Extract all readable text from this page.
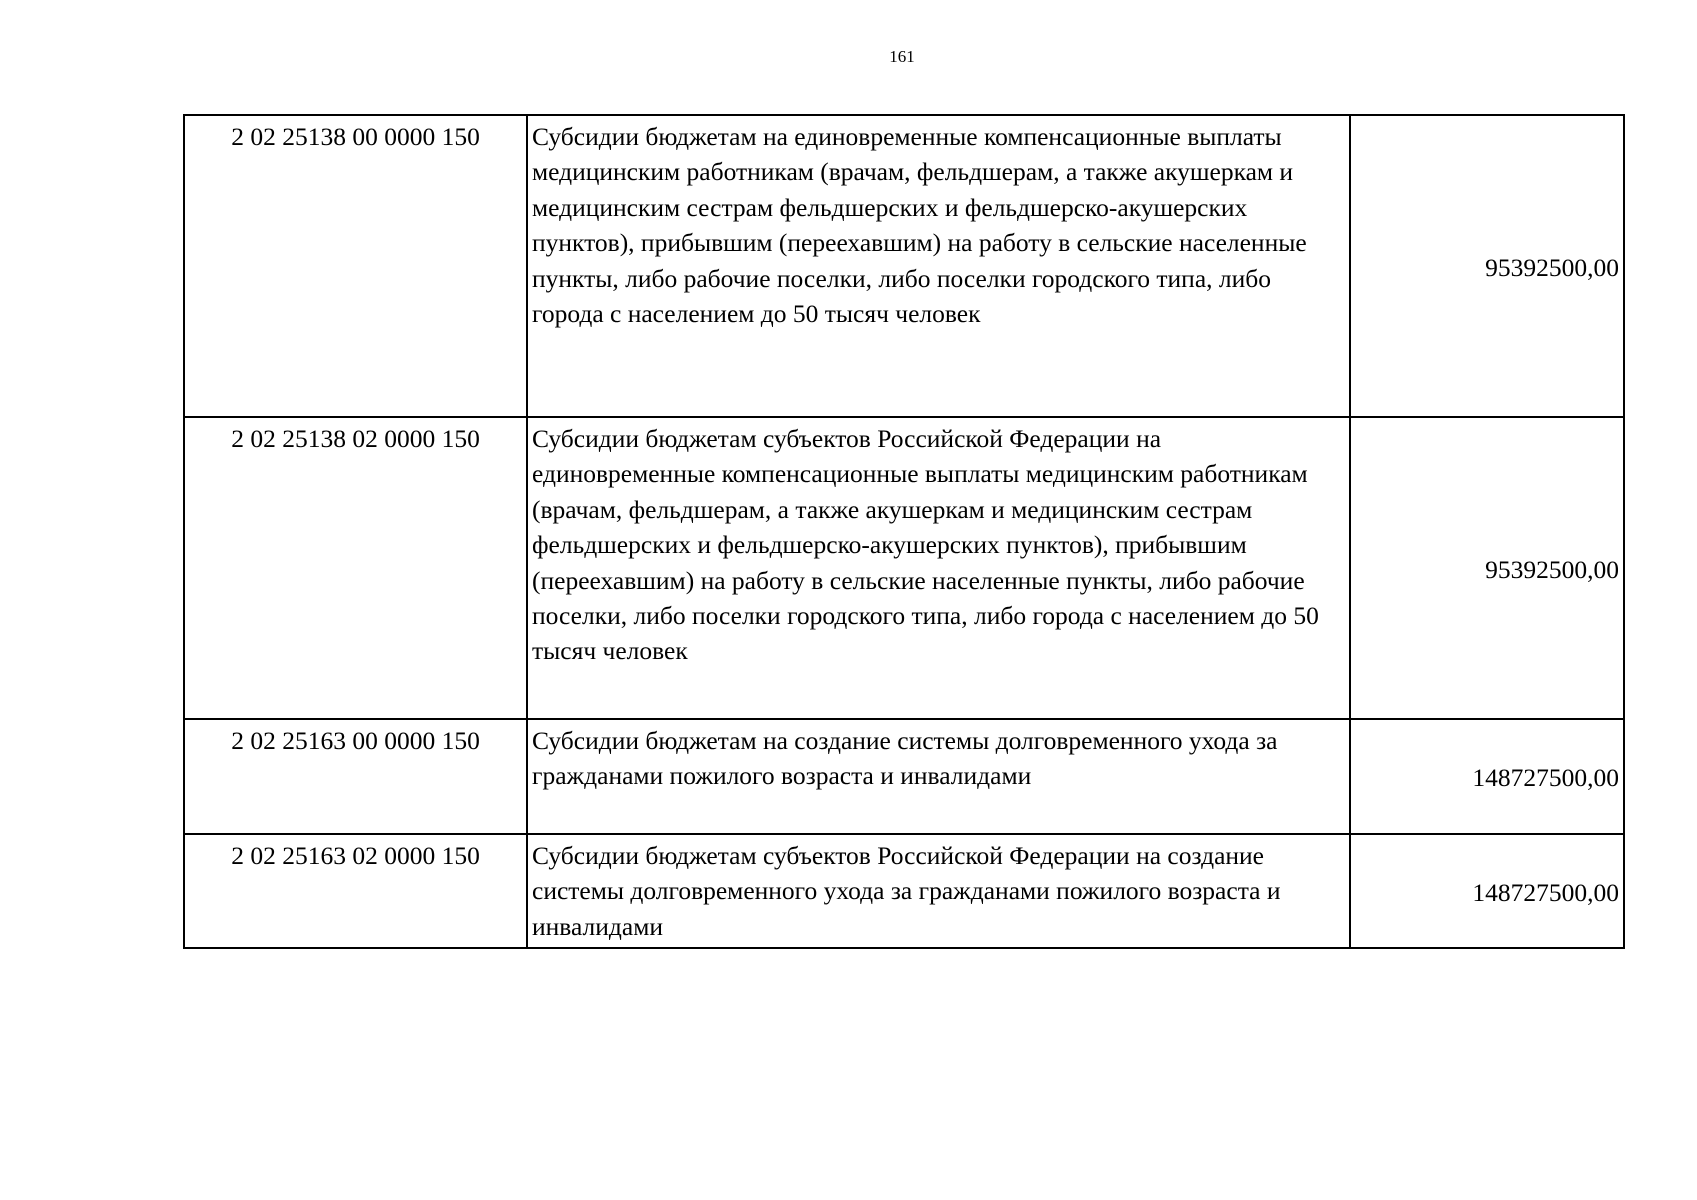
161
2 02 25138 00 0000 150	Субсидии бюджетам на единовременные компенсационные выплаты медицинским работникам (врачам, фельдшерам, а также акушеркам и медицинским сестрам фельдшерских и фельдшерско-акушерских пунктов), прибывшим (переехавшим) на работу в сельские населенные пункты, либо рабочие поселки, либо поселки городского типа, либо города с населением до 50 тысяч человек	95392500,00
2 02 25138 02 0000 150	Субсидии бюджетам субъектов Российской Федерации на единовременные компенсационные выплаты медицинским работникам (врачам, фельдшерам, а также акушеркам и медицинским сестрам фельдшерских и фельдшерско-акушерских пунктов), прибывшим (переехавшим) на работу в сельские населенные пункты, либо рабочие поселки, либо поселки городского типа, либо города с населением до 50 тысяч человек	95392500,00
2 02 25163 00 0000 150	Субсидии бюджетам на создание системы долговременного ухода за гражданами пожилого возраста и инвалидами	148727500,00
2 02 25163 02 0000 150	Субсидии бюджетам субъектов Российской Федерации на создание системы долговременного ухода за гражданами пожилого возраста и инвалидами	148727500,00
